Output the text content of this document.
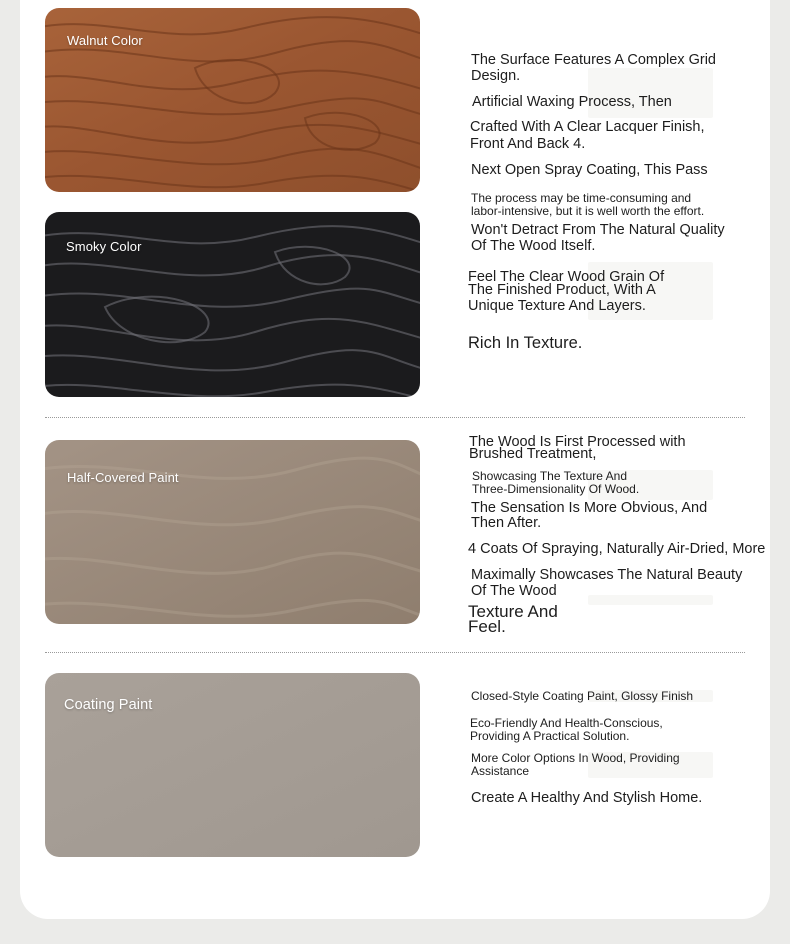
Walnut Color
Smoky Color
Half-Covered Paint
Coating Paint
The Surface Features A Complex Grid
Design.
Artificial Waxing Process, Then
Crafted With A Clear Lacquer Finish,
Front And Back 4.
Next Open Spray Coating, This Pass
The process may be time-consuming and
labor-intensive, but it is well worth the effort.
Won't Detract From The Natural Quality
Of The Wood Itself.
Feel The Clear Wood Grain Of
The Finished Product, With A
Unique Texture And Layers.
Rich In Texture.
The Wood Is First Processed with
Brushed Treatment,
Showcasing The Texture And
Three-Dimensionality Of Wood.
The Sensation Is More Obvious, And
Then After.
4 Coats Of Spraying, Naturally Air-Dried, More
Maximally Showcases The Natural Beauty
Of The Wood
Texture And
Feel.
Closed-Style Coating Paint, Glossy Finish
Eco-Friendly And Health-Conscious,
Providing A Practical Solution.
More Color Options In Wood, Providing
Assistance
Create A Healthy And Stylish Home.
